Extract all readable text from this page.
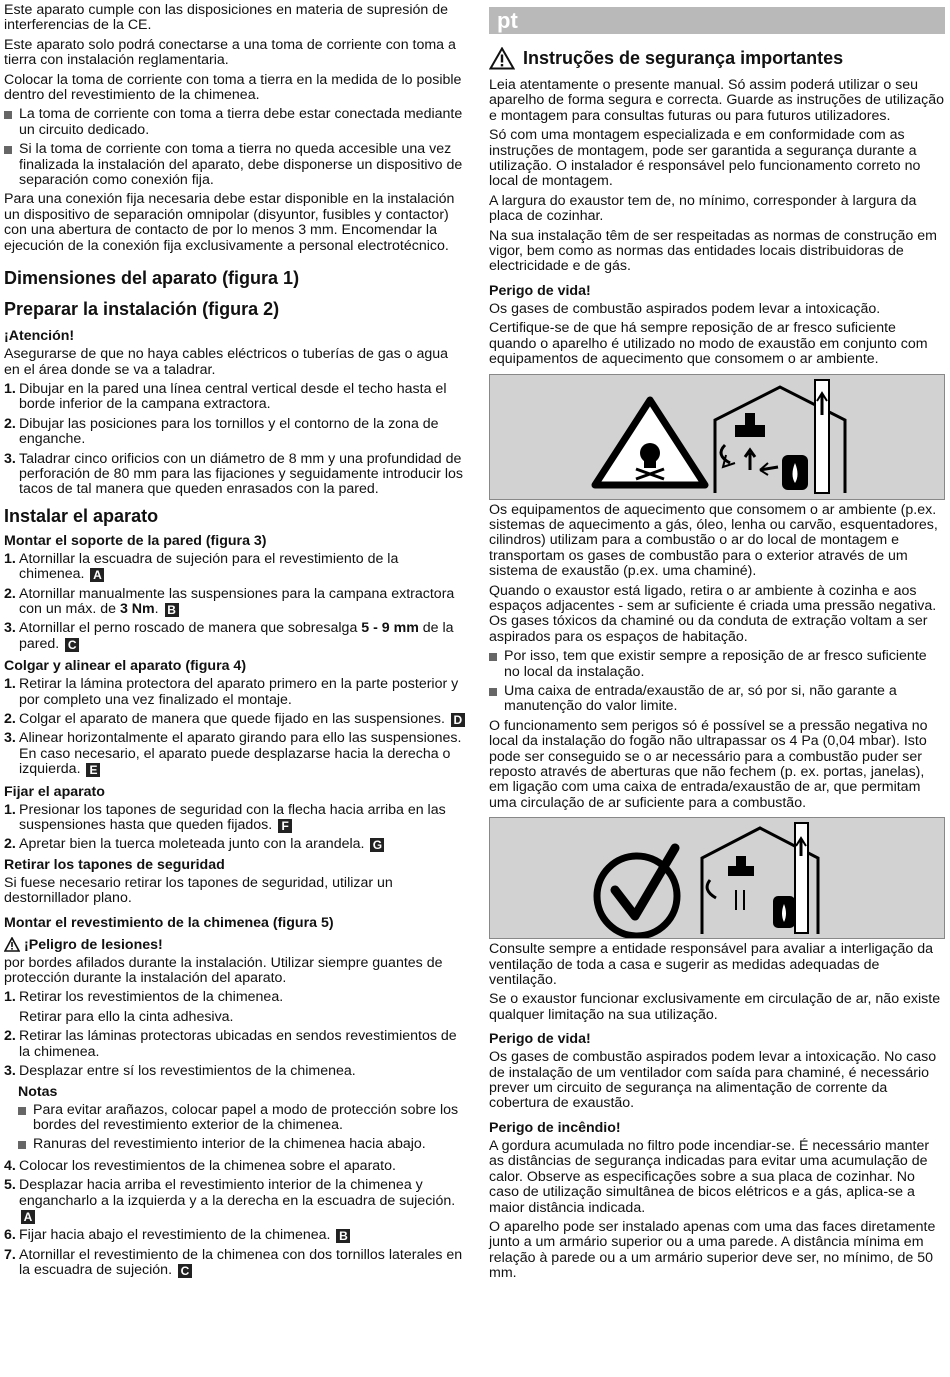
Este aparato cumple con las disposiciones en materia de supresión de interferencias de la CE.

Este aparato solo podrá conectarse a una toma de corriente con toma a tierra con instalación reglamentaria.

Colocar la toma de corriente con toma a tierra en la medida de lo posible dentro del revestimiento de la chimenea.

La toma de corriente con toma a tierra debe estar conectada mediante un circuito dedicado.
Si la toma de corriente con toma a tierra no queda accesible una vez finalizada la instalación del aparato, debe disponerse un dispositivo de separación como conexión fija.

Para una conexión fija necesaria debe estar disponible en la instalación un dispositivo de separación omnipolar (disyuntor, fusibles y contactor) con una abertura de contacto de por lo menos 3 mm. Encomendar la ejecución de la conexión fija exclusivamente a personal electrotécnico.

Dimensiones del aparato (figura 1)
Preparar la instalación (figura 2)
¡Atención!

Asegurarse de que no haya cables eléctricos o tuberías de gas o agua en el área donde se va a taladrar.

1. Dibujar en la pared una línea central vertical desde el techo hasta el borde inferior de la campana extractora.
2. Dibujar las posiciones para los tornillos y el contorno de la zona de enganche.
3. Taladrar cinco orificios con un diámetro de 8 mm y una profundidad de perforación de 80 mm para las fijaciones y seguidamente introducir los tacos de tal manera que queden enrasados con la pared.
Instalar el aparato
Montar el soporte de la pared (figura 3)
1. Atornillar la escuadra de sujeción para el revestimiento de la chimenea. A
2. Atornillar manualmente las suspensiones para la campana extractora con un máx. de 3 Nm. B
3. Atornillar el perno roscado de manera que sobresalga 5 - 9 mm de la pared. C
Colgar y alinear el aparato (figura 4)
1. Retirar la lámina protectora del aparato primero en la parte posterior y por completo una vez finalizado el montaje.
2. Colgar el aparato de manera que quede fijado en las suspensiones. D
3. Alinear horizontalmente el aparato girando para ello las suspensiones. En caso necesario, el aparato puede desplazarse hacia la derecha o izquierda. E
Fijar el aparato
1. Presionar los tapones de seguridad con la flecha hacia arriba en las suspensiones hasta que queden fijados. F
2. Apretar bien la tuerca moleteada junto con la arandela. G
Retirar los tapones de seguridad

Si fuese necesario retirar los tapones de seguridad, utilizar un destornillador plano.

Montar el revestimiento de la chimenea (figura 5)
¡Peligro de lesiones!

por bordes afilados durante la instalación. Utilizar siempre guantes de protección durante la instalación del aparato.

1. Retirar los revestimientos de la chimenea.
Retirar para ello la cinta adhesiva.
2. Retirar las láminas protectoras ubicadas en sendos revestimientos de la chimenea.
3. Desplazar entre sí los revestimientos de la chimenea.
Notas
Para evitar arañazos, colocar papel a modo de protección sobre los bordes del revestimiento exterior de la chimenea.
Ranuras del revestimiento interior de la chimenea hacia abajo.
4. Colocar los revestimientos de la chimenea sobre el aparato.
5. Desplazar hacia arriba el revestimiento interior de la chimenea y engancharlo a la izquierda y a la derecha en la escuadra de sujeción. A
6. Fijar hacia abajo el revestimiento de la chimenea. B
7. Atornillar el revestimiento de la chimenea con dos tornillos laterales en la escuadra de sujeción. C
pt
Instruções de segurança importantes

Leia atentamente o presente manual. Só assim poderá utilizar o seu aparelho de forma segura e correcta. Guarde as instruções de utilização e montagem para consultas futuras ou para futuros utilizadores.

Só com uma montagem especializada e em conformidade com as instruções de montagem, pode ser garantida a segurança durante a utilização. O instalador é responsável pelo funcionamento correto no local de montagem.

A largura do exaustor tem de, no mínimo, corresponder à largura da placa de cozinhar.

Na sua instalação têm de ser respeitadas as normas de construção em vigor, bem como as normas das entidades locais distribuidoras de electricidade e de gás.

Perigo de vida!

Os gases de combustão aspirados podem levar a intoxicação.

Certifique-se de que há sempre reposição de ar fresco suficiente quando o aparelho é utilizado no modo de exaustão em conjunto com equipamentos de aquecimento que consomem o ar ambiente.

Os equipamentos de aquecimento que consomem o ar ambiente (p.ex. sistemas de aquecimento a gás, óleo, lenha ou carvão, esquentadores, cilindros) utilizam para a combustão o ar do local de montagem e transportam os gases de combustão para o exterior através de um sistema de exaustão (p.ex. uma chaminé).

Quando o exaustor está ligado, retira o ar ambiente à cozinha e aos espaços adjacentes - sem ar suficiente é criada uma pressão negativa. Os gases tóxicos da chaminé ou da conduta de extração voltam a ser aspirados para os espaços de habitação.

Por isso, tem que existir sempre a reposição de ar fresco suficiente no local da instalação.
Uma caixa de entrada/exaustão de ar, só por si, não garante a manutenção do valor limite.

O funcionamento sem perigos só é possível se a pressão negativa no local da instalação do fogão não ultrapassar os 4 Pa (0,04 mbar). Isto pode ser conseguido se o ar necessário para a combustão puder ser reposto através de aberturas que não fechem (p. ex. portas, janelas), em ligação com uma caixa de entrada/exaustão de ar, que permitam uma circulação de ar suficiente para a combustão.

Consulte sempre a entidade responsável para avaliar a interligação da ventilação de toda a casa e sugerir as medidas adequadas de ventilação.

Se o exaustor funcionar exclusivamente em circulação de ar, não existe qualquer limitação na sua utilização.

Perigo de vida!

Os gases de combustão aspirados podem levar a intoxicação. No caso de instalação de um ventilador com saída para chaminé, é necessário prever um circuito de segurança na alimentação de corrente da cobertura de exaustão.

Perigo de incêndio!

A gordura acumulada no filtro pode incendiar-se. É necessário manter as distâncias de segurança indicadas para evitar uma acumulação de calor. Observe as especificações sobre a sua placa de cozinhar. No caso de utilização simultânea de bicos elétricos e a gás, aplica-se a maior distância indicada.

O aparelho pode ser instalado apenas com uma das faces diretamente junto a um armário superior ou a uma parede. A distância mínima em relação à parede ou a um armário superior deve ser, no mínimo, de 50 mm.
